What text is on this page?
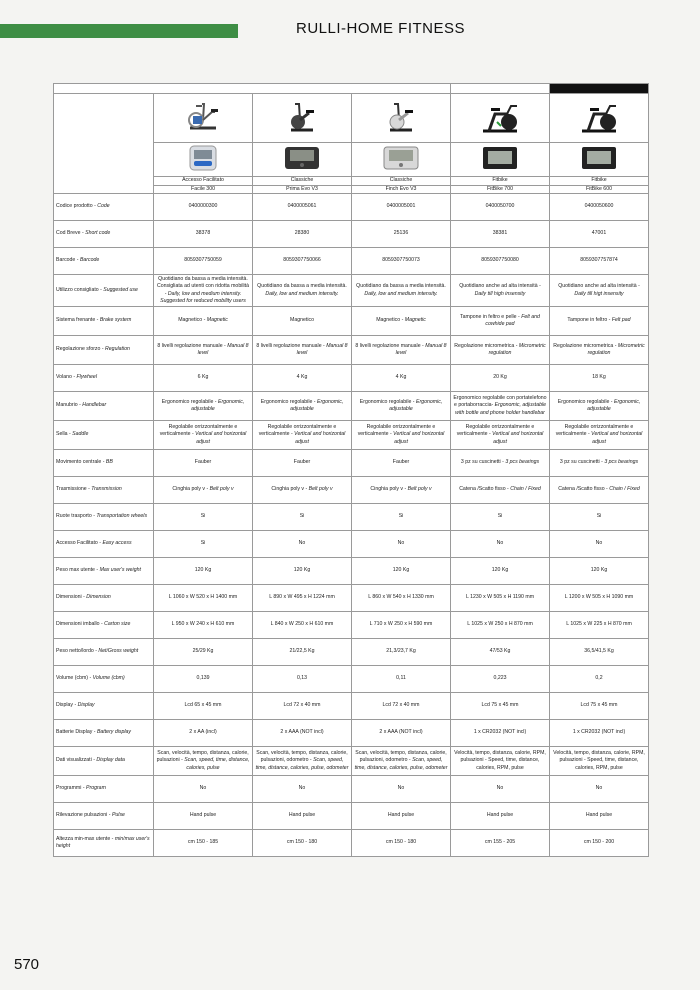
RULLI-HOME FITNESS
CICLOCAMERE				FITBIKE	

	Accesso Facilitato	Classiche	Classiche	Fitbike	Fitbike
	Facile 300	Prima Evo V3	Finch Evo V3	FitBike 700	FitBike 600
Codice prodotto - Code	0400000300	0400005061	0400005001	0400050700	0400050600
Cod Breve - Short code	38378	28380	25136	38381	47001
Barcode - Barcode	8059307750059	8059307750066	8059307750073	8059307750080	8059307757874
Utilizzo consigliato - Suggested use	Quotidiano da bassa a media intensità. Consigliata ad utenti con ridotta mobilità - Daily, low and medium intensity. Suggested for reduced mobility users	Quotidiano da bassa a media intensità. Daily, low and medium intensity.	Quotidiano da bassa a media intensità. Daily, low and medium intensity.	Quotidiano anche ad alta intensità - Daily till high insensity	Quotidiano anche ad alta intensità - Daily till higt insensity
Sistema frenante - Brake system	Magnetico - Magnetic	Magnetico	Magnetico - Magnetic	Tampone in feltro e pelle - Felt and cowhide pad	Tampone in feltro - Felt pad
Regolazione sforzo - Regulation	8 livelli regolazione manuale - Manual 8 level	8 livelli regolazione manuale - Manual 8 level	8 livelli regolazione manuale - Manual 8 level	Regolazione micrometrica - Micrometric regulation	Regolazione micrometrica - Micrometric regulation
Volano - Flywheel	6 Kg	4 Kg	4 Kg	20 Kg	18 Kg
Manubrio - Handlebar	Ergonomico regolabile - Ergonomic, adjustable	Ergonomico regolabile - Ergonomic, adjustable	Ergonomico regolabile - Ergonomic, adjustable	Ergonomico regolabile con portatelefono e portaborraccia- Ergonomic, adjustable with bottle and phone holder handlebar	Ergonomico regolabile - Ergonomic, adjustable
Sella - Saddle	Regolabile orrizzontalmente e verticalmente - Vertical and horizontal adjust	Regolabile orrizzontalmente e verticalmente - Vertical and horizontal adjust	Regolabile orrizzontalmente e verticalmente - Vertical and horizontal adjust	Regolabile orrizzontalmente e verticalmente - Vertical and horizontal adjust	Regolabile orrizzontalmente e verticalmente - Vertical and horizontal adjust
Movimento centrale - BB	Fauber	Fauber	Fauber	3 pz su cuscinetti - 3 pcs bearings	3 pz su cuscinetti - 3 pcs bearings
Trasmissione - Transmission	Cinghia poly v - Belt poly v	Cinghia poly v - Belt poly v	Cinghia poly v - Belt poly v	Catena /Scatto fisso - Chain / Fixed	Catena /Scatto fisso - Chain / Fixed
Ruote trasporto - Transportation wheels	Si	Si	Si	Si	Si
Accesso Facilitato - Easy access	Si	No	No	No	No
Peso max utente - Max user's weight	120 Kg	120 Kg	120 Kg	120 Kg	120 Kg
Dimensioni - Dimension	L 1060 x W 520 x H 1400 mm	L 890 x W 495 x H 1224 mm	L 860 x W 540 x H 1330 mm	L 1230 x W 505 x H 1190 mm	L 1200 x W 505 x H 1090 mm
Dimensioni imballo - Carton size	L 950 x W 240 x H 610 mm	L 840 x W 250 x H 610 mm	L 710 x W 250 x H 590 mm	L 1025 x W 250 x H 870 mm	L 1025 x W 225 x H 870 mm
Peso netto/lordo - Net/Gross weight	25/29 Kg	21/22,5 Kg	21,3/23,7 Kg	47/53 Kg	36,5/41,5 Kg
Volume (cbm) - Volume (cbm)	0,139	0,13	0,11	0,223	0,2
Display - Display	Lcd 65 x 45 mm	Lcd 72 x 40 mm	Lcd 72 x 40 mm	Lcd 75 x 45 mm	Lcd 75 x 45 mm
Batterie Display - Battery display	2 x AA (incl)	2 x AAA (NOT incl)	2 x AAA (NOT incl)	1 x CR2032 (NOT incl)	1 x CR2032 (NOT incl)
Dati visualizzati - Display data	Scan, velocità, tempo, distanza, calorie, pulsazioni - Scan, speed, time, distance, calories, pulse	Scan, velocità, tempo, distanza, calorie, pulsazioni, odometro - Scan, speed, time, distance, calories, pulse, odometer	Scan, velocità, tempo, distanza, calorie, pulsazioni, odometro - Scan, speed, time, distance, calories, pulse, odometer	Velocità, tempo, distanza, calorie, RPM, pulsazioni - Speed, time, distance, calories, RPM, pulse	Velocità, tempo, distanza, calorie, RPM, pulsazioni - Speed, time, distance, calories, RPM, pulse
Programmi - Program	No	No	No	No	No
Rilevazione pulsazioni - Pulse	Hand pulse	Hand pulse	Hand pulse	Hand pulse	Hand pulse
Altezza min-max utente - min/max user's height	cm 150 - 185	cm 150 - 180	cm 150 - 180	cm 155 - 205	cm 150 - 200
570
